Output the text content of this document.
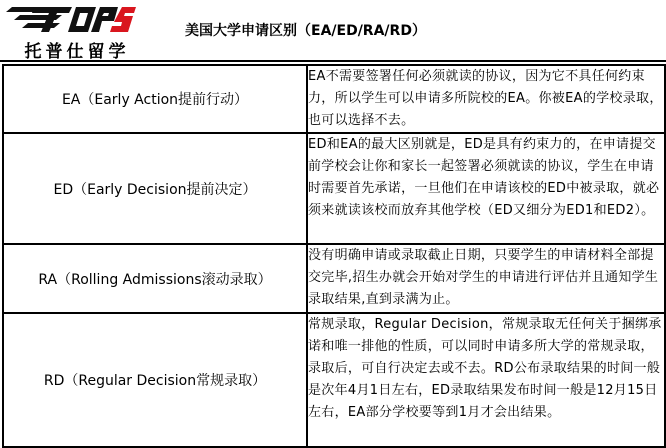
托普仕留学
美国大学申请区别（EA/ED/RA/RD）
EA（Early Action提前行动）	EA不需要签署任何必须就读的协议，因为它不具任何约束力，所以学生可以申请多所院校的EA。你被EA的学校录取，也可以选择不去。
ED（Early Decision提前决定）	ED和EA的最大区别就是，ED是具有约束力的，在申请提交前学校会让你和家长一起签署必须就读的协议，学生在申请时需要首先承诺，一旦他们在申请该校的ED中被录取，就必须来就读该校而放弃其他学校（ED又细分为ED1和ED2）。
RA（Rolling Admissions滚动录取）	没有明确申请或录取截止日期，只要学生的申请材料全部提交完毕,招生办就会开始对学生的申请进行评估并且通知学生录取结果,直到录满为止。
RD（Regular Decision常规录取）	常规录取，Regular Decision，常规录取无任何关于捆绑承诺和唯一排他的性质，可以同时申请多所大学的常规录取，录取后，可自行决定去或不去。RD公布录取结果的时间一般是次年4月1日左右，ED录取结果发布时间一般是12月15日左右，EA部分学校要等到1月才会出结果。
